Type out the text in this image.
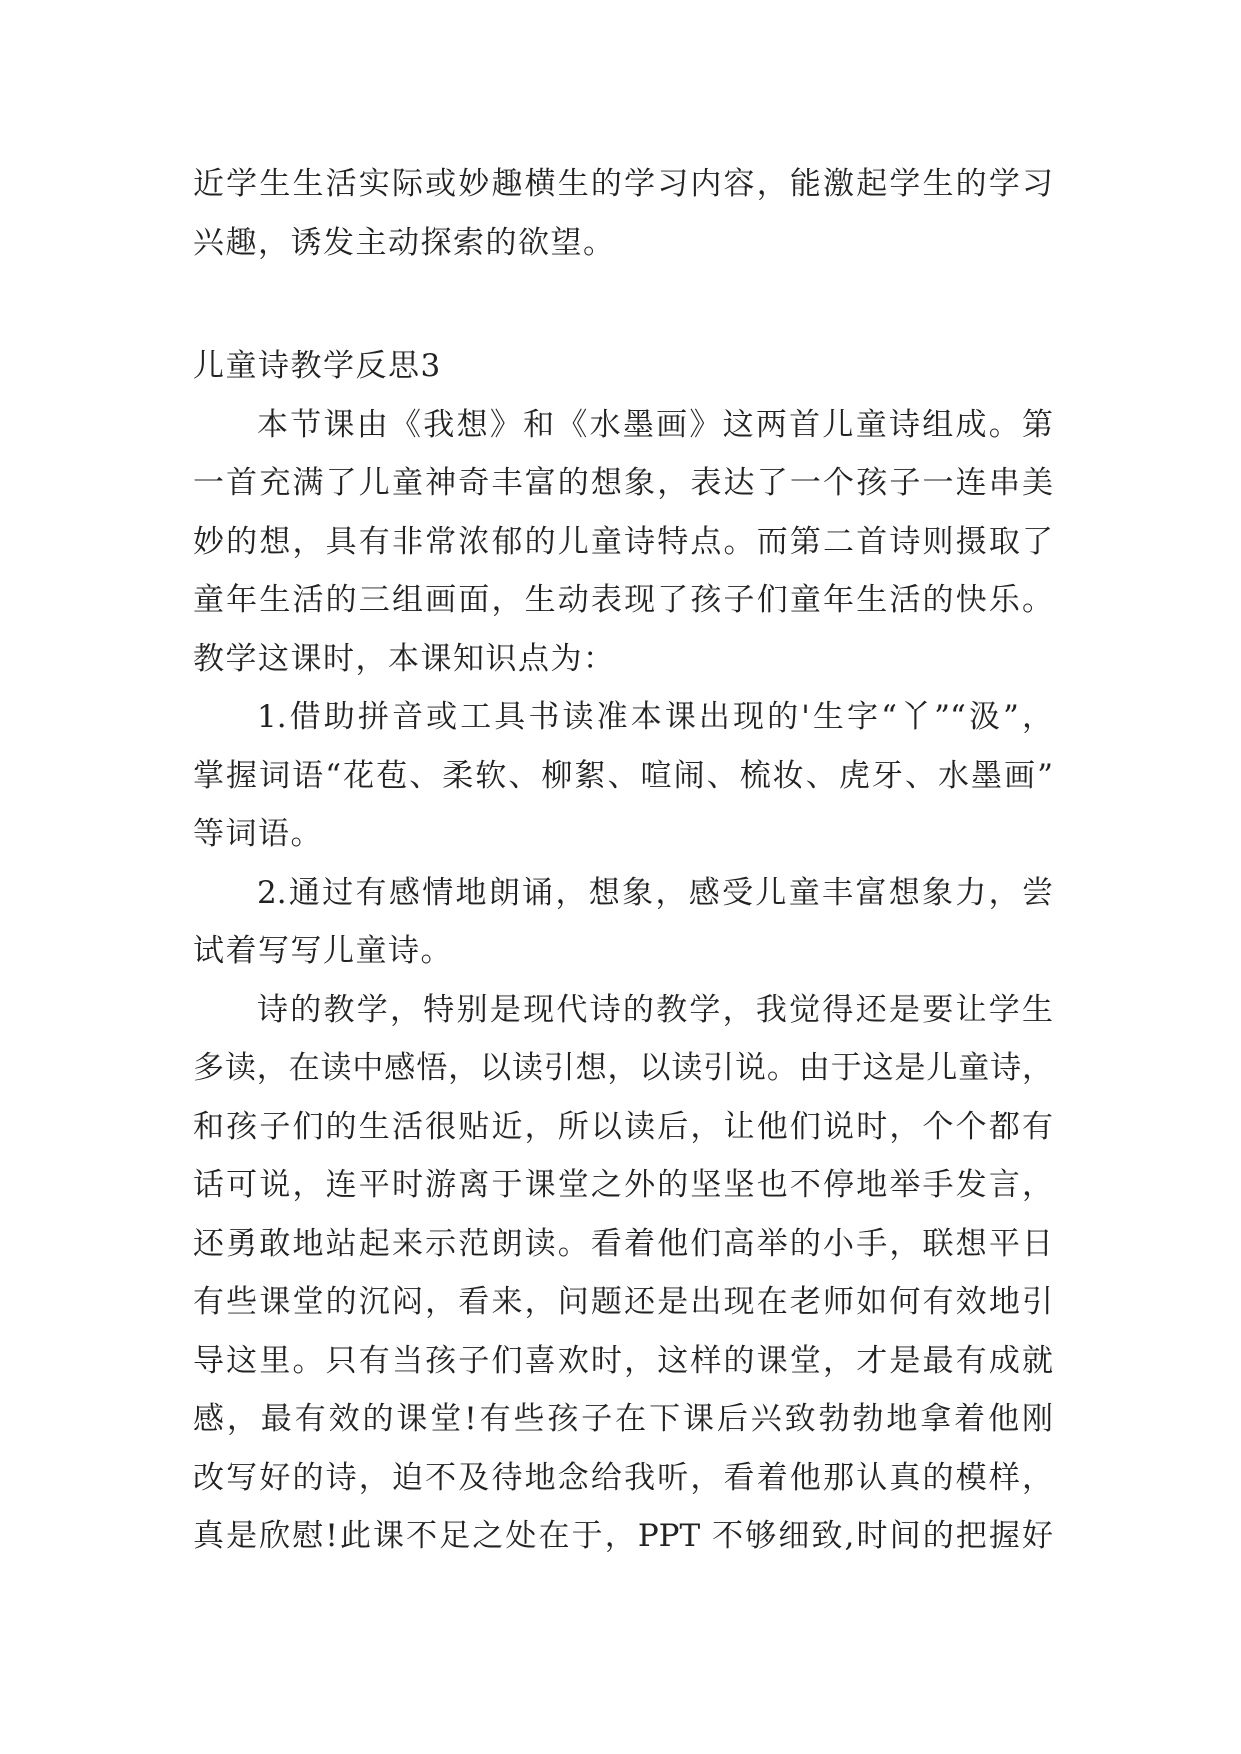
近学生生活实际或妙趣横生的学习内容，能激起学生的学习
兴趣，诱发主动探索的欲望。
儿童诗教学反思3
本节课由《我想》和《水墨画》这两首儿童诗组成。第
一首充满了儿童神奇丰富的想象，表达了一个孩子一连串美
妙的想，具有非常浓郁的儿童诗特点。而第二首诗则摄取了
童年生活的三组画面，生动表现了孩子们童年生活的快乐。
教学这课时，本课知识点为：
1.借助拼音或工具书读准本课出现的'生字“丫”“汲”，
掌握词语“花苞、柔软、柳絮、喧闹、梳妆、虎牙、水墨画”
等词语。
2.通过有感情地朗诵，想象，感受儿童丰富想象力，尝
试着写写儿童诗。
诗的教学，特别是现代诗的教学，我觉得还是要让学生
多读，在读中感悟，以读引想，以读引说。由于这是儿童诗，
和孩子们的生活很贴近，所以读后，让他们说时，个个都有
话可说，连平时游离于课堂之外的坚坚也不停地举手发言，
还勇敢地站起来示范朗读。看着他们高举的小手，联想平日
有些课堂的沉闷，看来，问题还是出现在老师如何有效地引
导这里。只有当孩子们喜欢时，这样的课堂，才是最有成就
感，最有效的课堂!有些孩子在下课后兴致勃勃地拿着他刚
改写好的诗，迫不及待地念给我听，看着他那认真的模样，
真是欣慰!此课不足之处在于，PPT 不够细致,时间的把握好
